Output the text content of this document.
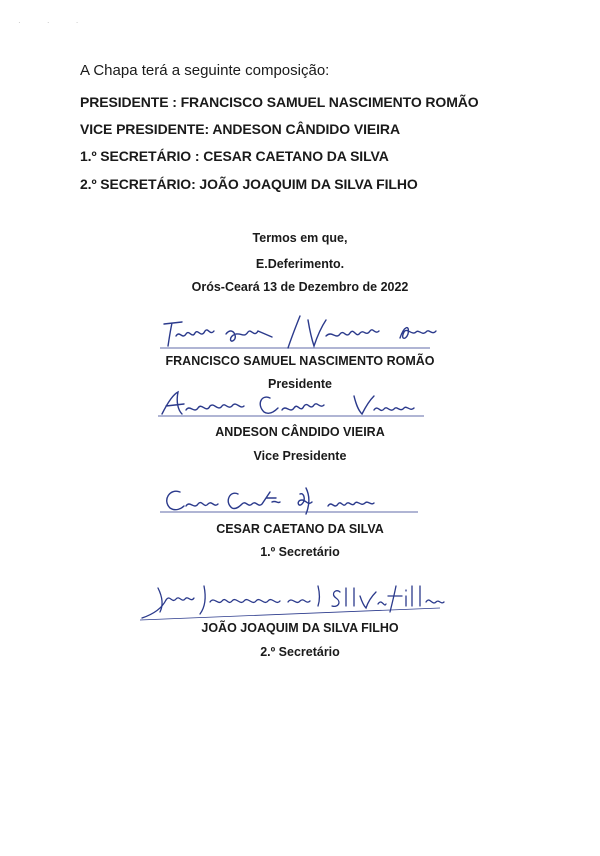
· · ·
A Chapa terá a seguinte composição:
PRESIDENTE : FRANCISCO SAMUEL NASCIMENTO ROMÃO
VICE PRESIDENTE: ANDESON CÂNDIDO VIEIRA
1.º SECRETÁRIO : CESAR CAETANO DA SILVA
2.º SECRETÁRIO: JOÃO JOAQUIM DA SILVA FILHO
Termos em que,
E.Deferimento.
Orós-Ceará 13 de Dezembro de 2022
FRANCISCO SAMUEL NASCIMENTO ROMÃO
Presidente
ANDESON CÂNDIDO VIEIRA
Vice Presidente
CESAR CAETANO DA SILVA
1.º Secretário
JOÃO JOAQUIM DA SILVA FILHO
2.º Secretário
